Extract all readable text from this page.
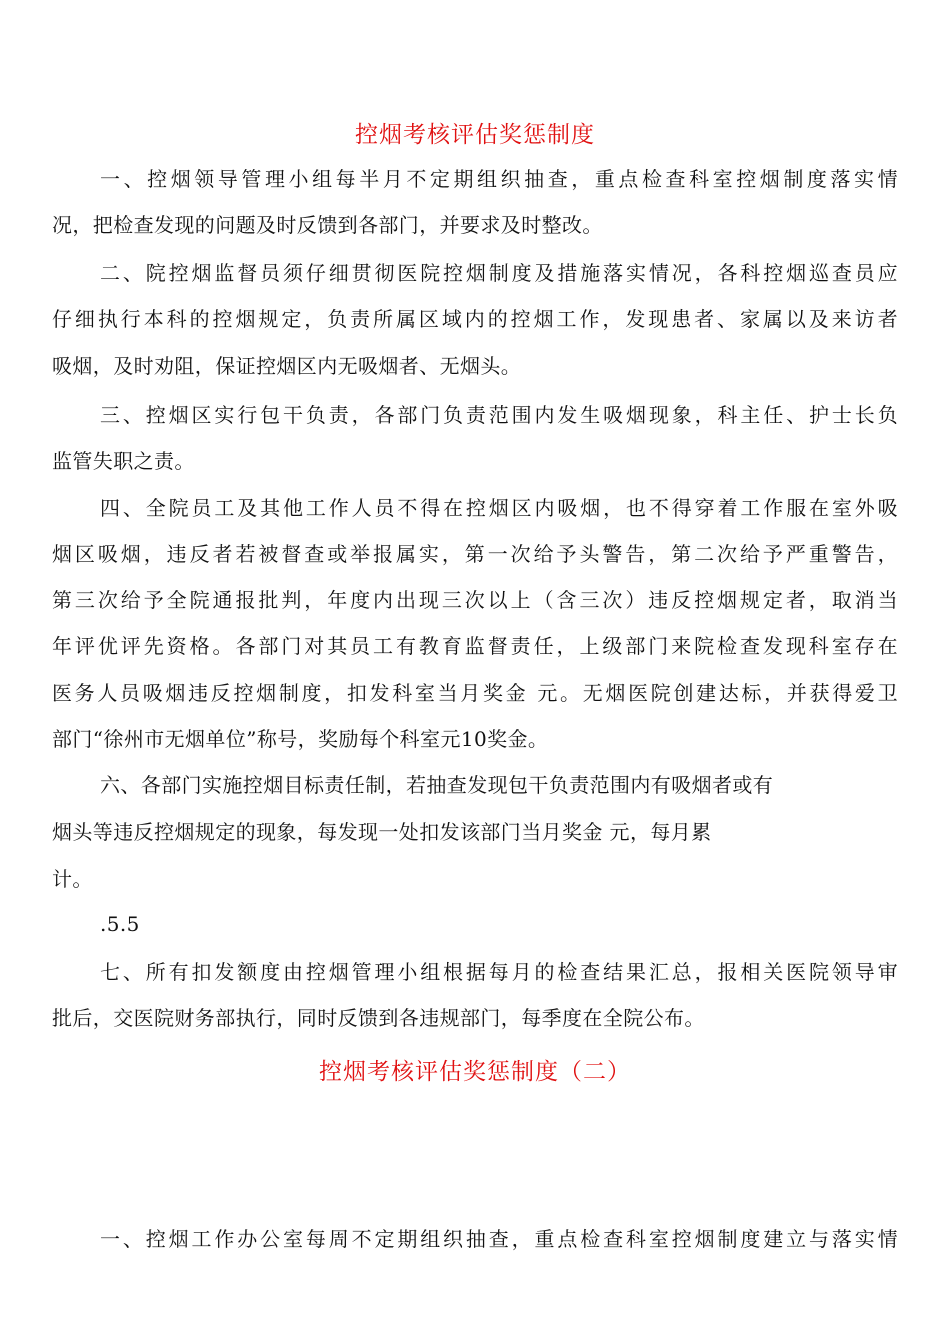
控烟考核评估奖惩制度
一、控烟领导管理小组每半月不定期组织抽查，重点检查科室控烟制度落实情
况，把检查发现的问题及时反馈到各部门，并要求及时整改。
二、院控烟监督员须仔细贯彻医院控烟制度及措施落实情况，各科控烟巡查员应
仔细执行本科的控烟规定，负责所属区域内的控烟工作，发现患者、家属以及来访者
吸烟，及时劝阻，保证控烟区内无吸烟者、无烟头。
三、控烟区实行包干负责，各部门负责范围内发生吸烟现象，科主任、护士长负
监管失职之责。
四、全院员工及其他工作人员不得在控烟区内吸烟，也不得穿着工作服在室外吸
烟区吸烟，违反者若被督查或举报属实，第一次给予头警告，第二次给予严重警告，
第三次给予全院通报批判，年度内出现三次以上（含三次）违反控烟规定者，取消当
年评优评先资格。各部门对其员工有教育监督责任，上级部门来院检查发现科室存在
医务人员吸烟违反控烟制度，扣发科室当月奖金 元。无烟医院创建达标，并获得爱卫
部门“徐州市无烟单位”称号，奖励每个科室元10奖金。
六、各部门实施控烟目标责任制，若抽查发现包干负责范围内有吸烟者或有
烟头等违反控烟规定的现象，每发现一处扣发该部门当月奖金 元，每月累
计。
.5.5
七、所有扣发额度由控烟管理小组根据每月的检查结果汇总，报相关医院领导审
批后，交医院财务部执行，同时反馈到各违规部门，每季度在全院公布。
控烟考核评估奖惩制度（二）
一、控烟工作办公室每周不定期组织抽查，重点检查科室控烟制度建立与落实情
